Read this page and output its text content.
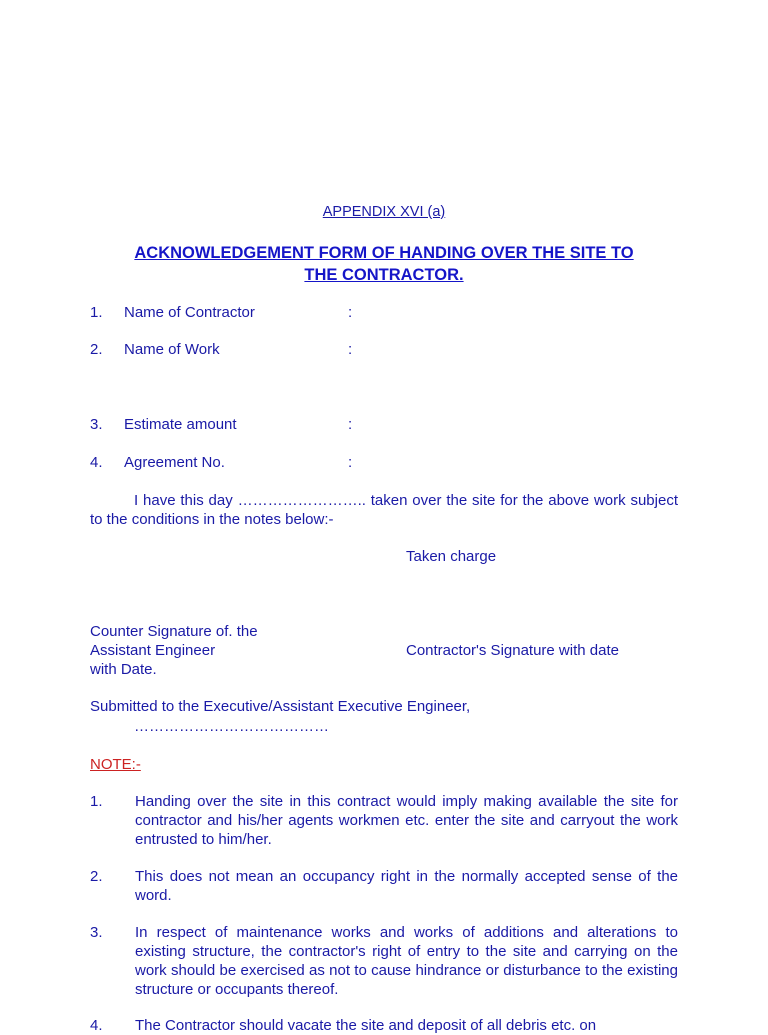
APPENDIX XVI (a)
ACKNOWLEDGEMENT FORM OF HANDING OVER THE SITE TO
THE CONTRACTOR.
1. Name of Contractor	:
2. Name of Work	:
3. Estimate amount	:
4. Agreement No.	:
I have this day …………………….. taken over the site for the above work subject to the conditions in the notes below:-
Taken charge
Counter Signature of. the
Assistant Engineer
with Date.
Contractor's Signature with date
Submitted to the Executive/Assistant Executive Engineer,
…………………………………
NOTE:-
1. Handing over the site in this contract would imply making available the site for contractor and his/her agents workmen etc. enter the site and carryout the work entrusted to him/her.
2. This does not mean an occupancy right in the normally accepted sense of the word.
3. In respect of maintenance works and works of additions and alterations to existing structure, the contractor's right of entry to the site and carrying on the work should be exercised as not to cause hindrance or disturbance to the existing structure or occupants thereof.
4. The Contractor should vacate the site and deposit of all debris etc. on
